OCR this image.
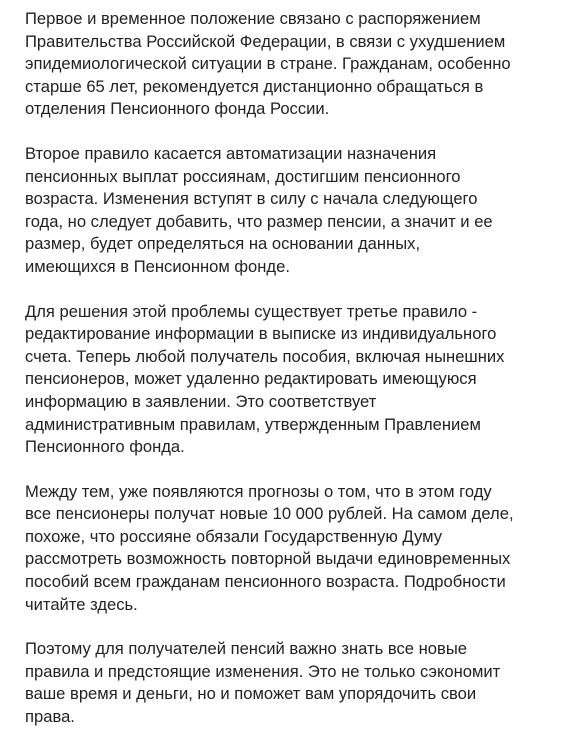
Первое и временное положение связано с распоряжением
Правительства Российской Федерации, в связи с ухудшением
эпидемиологической ситуации в стране. Гражданам, особенно
старше 65 лет, рекомендуется дистанционно обращаться в
отделения Пенсионного фонда России.

Второе правило касается автоматизации назначения
пенсионных выплат россиянам, достигшим пенсионного
возраста. Изменения вступят в силу с начала следующего
года, но следует добавить, что размер пенсии, а значит и ее
размер, будет определяться на основании данных,
имеющихся в Пенсионном фонде.

Для решения этой проблемы существует третье правило -
редактирование информации в выписке из индивидуального
счета. Теперь любой получатель пособия, включая нынешних
пенсионеров, может удаленно редактировать имеющуюся
информацию в заявлении. Это соответствует
административным правилам, утвержденным Правлением
Пенсионного фонда.

Между тем, уже появляются прогнозы о том, что в этом году
все пенсионеры получат новые 10 000 рублей. На самом деле,
похоже, что россияне обязали Государственную Думу
рассмотреть возможность повторной выдачи единовременных
пособий всем гражданам пенсионного возраста. Подробности
читайте здесь.

Поэтому для получателей пенсий важно знать все новые
правила и предстоящие изменения. Это не только сэкономит
ваше время и деньги, но и поможет вам упорядочить свои
права.
